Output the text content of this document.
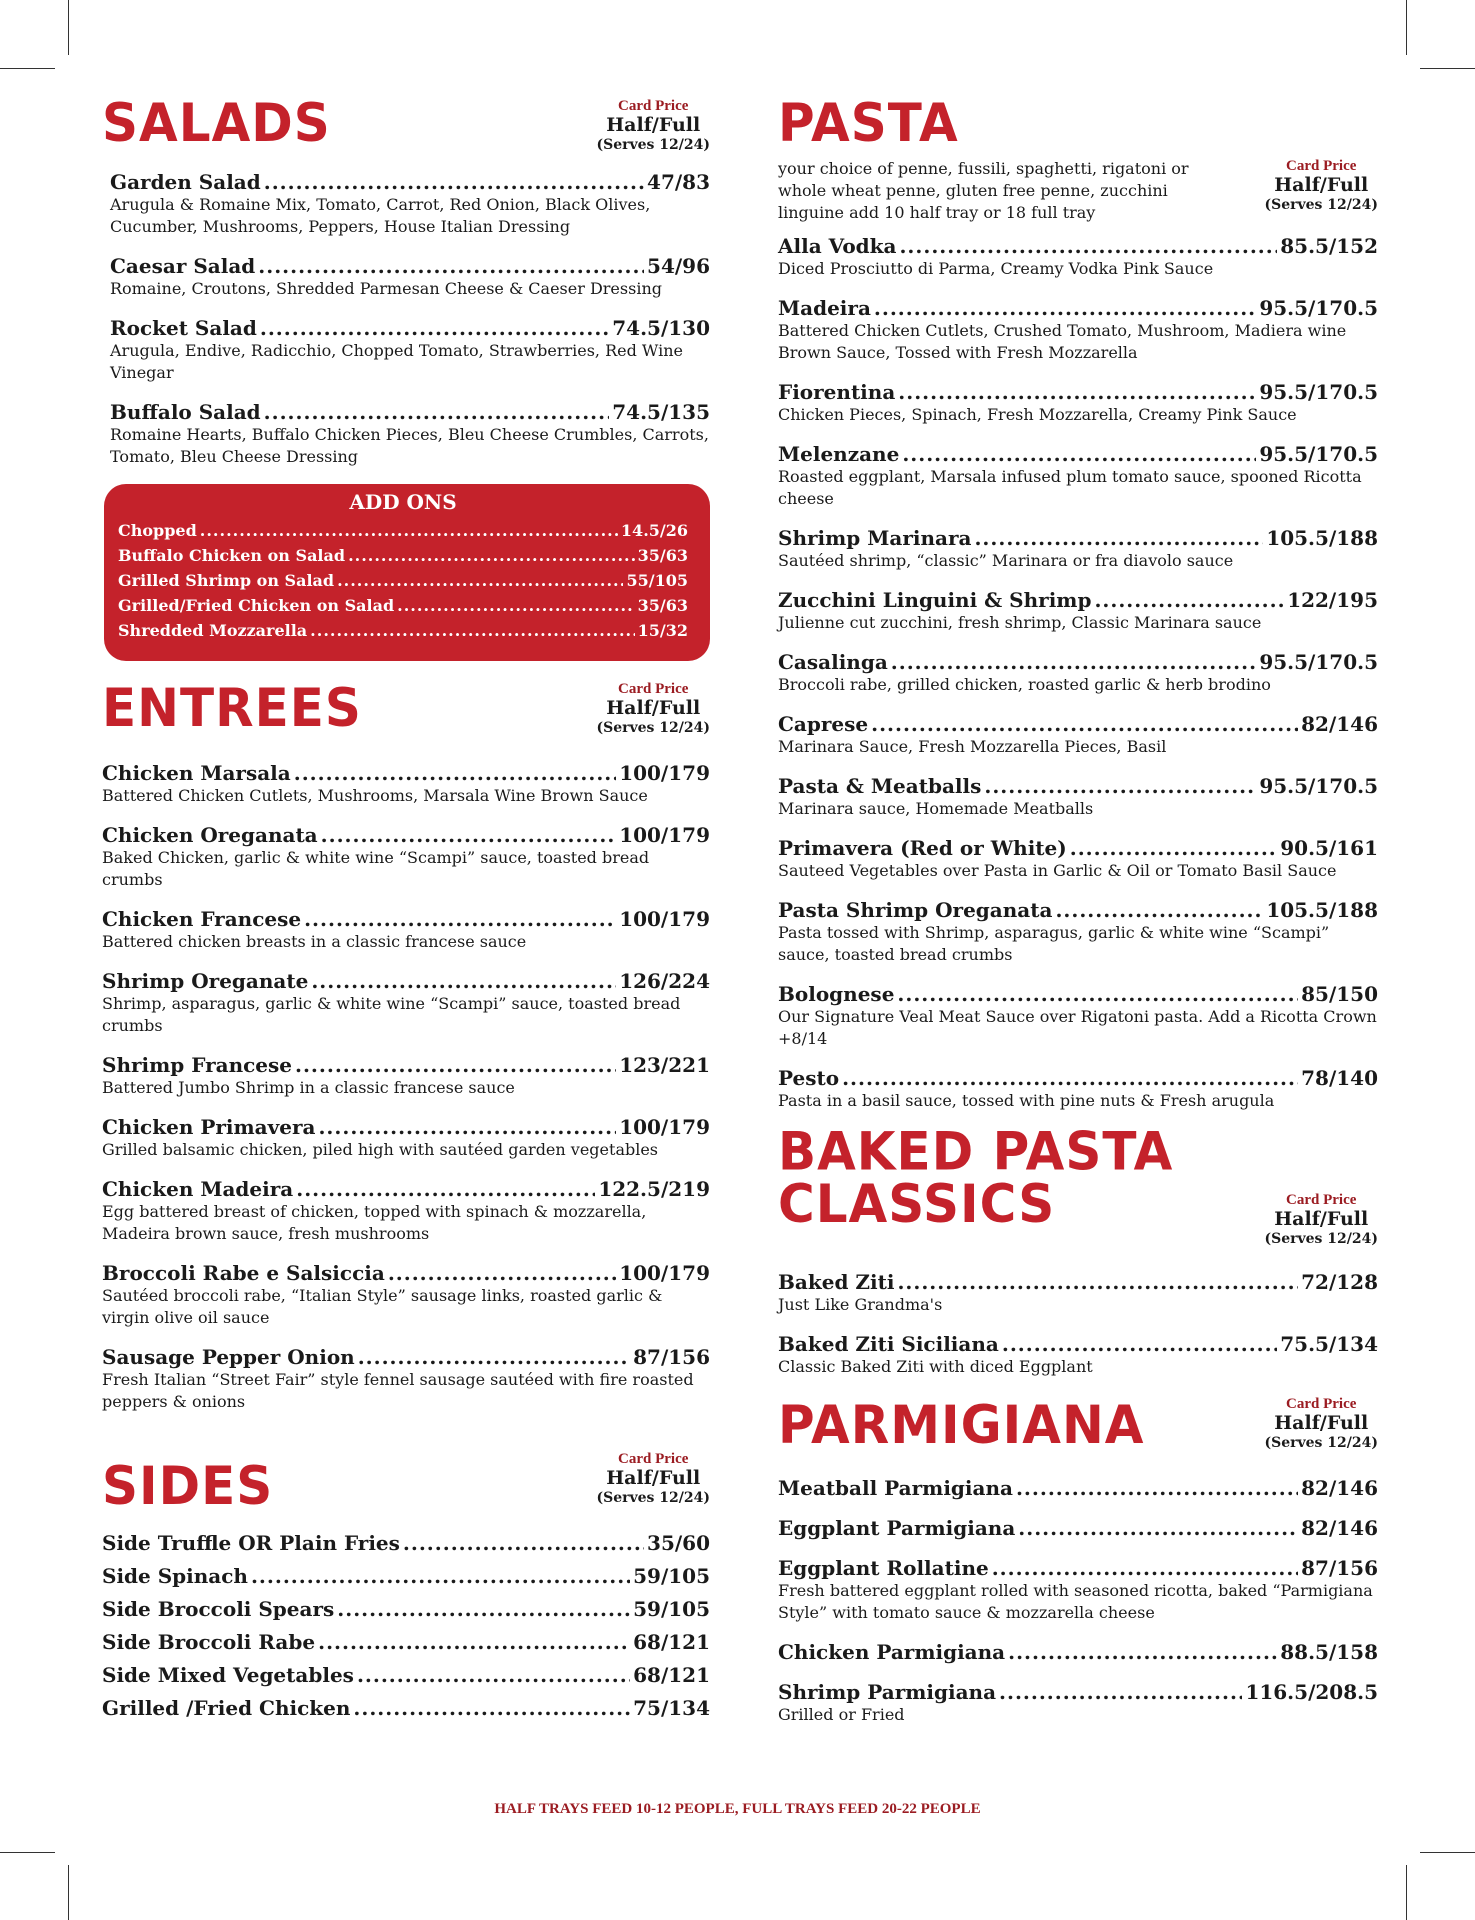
SALADS	Card Price
Half/Full
(Serves 12/24)
Garden Salad .....	47/83
Arugula & Romaine Mix, Tomato, Carrot, Red Onion, Black Olives, Cucumber, Mushrooms, Peppers, House Italian Dressing
Caesar Salad .....	54/96
Romaine, Croutons, Shredded Parmesan Cheese & Caeser Dressing
Rocket Salad .....	74.5/130
Arugula, Endive, Radicchio, Chopped Tomato, Strawberries, Red Wine Vinegar
Buffalo Salad .....	74.5/135
Romaine Hearts, Buffalo Chicken Pieces, Bleu Cheese Crumbles, Carrots, Tomato, Bleu Cheese Dressing
ADD ONS
Chopped .....	14.5/26
Buffalo Chicken on Salad .....	35/63
Grilled Shrimp on Salad .....	55/105
Grilled/Fried Chicken on Salad .....	35/63
Shredded Mozzarella .....	15/32
ENTREES	Card Price
Half/Full
(Serves 12/24)
Chicken Marsala .....	100/179
Battered Chicken Cutlets, Mushrooms, Marsala Wine Brown Sauce
Chicken Oreganata .....	100/179
Baked Chicken, garlic & white wine “Scampi” sauce, toasted bread crumbs
Chicken Francese .....	100/179
Battered chicken breasts in a classic francese sauce
Shrimp Oreganate .....	126/224
Shrimp, asparagus, garlic & white wine “Scampi” sauce, toasted bread crumbs
Shrimp Francese .....	123/221
Battered Jumbo Shrimp in a classic francese sauce
Chicken Primavera .....	100/179
Grilled balsamic chicken, piled high with sautéed garden vegetables
Chicken Madeira .....	122.5/219
Egg battered breast of chicken, topped with spinach & mozzarella, Madeira brown sauce, fresh mushrooms
Broccoli Rabe e Salsiccia .....	100/179
Sautéed broccoli rabe, “Italian Style” sausage links, roasted garlic & virgin olive oil sauce
Sausage Pepper Onion .....	87/156
Fresh Italian “Street Fair” style fennel sausage sautéed with fire roasted peppers & onions
SIDES	Card Price
Half/Full
(Serves 12/24)
Side Truffle OR Plain Fries .....	35/60
Side Spinach .....	59/105
Side Broccoli Spears .....	59/105
Side Broccoli Rabe .....	68/121
Side Mixed Vegetables .....	68/121
Grilled /Fried Chicken .....	75/134
PASTA
your choice of penne, fussili, spaghetti, rigatoni or whole wheat penne, gluten free penne, zucchini linguine add 10 half tray or 18 full tray
Card Price
Half/Full
(Serves 12/24)
Alla Vodka .....	85.5/152
Diced Prosciutto di Parma, Creamy Vodka Pink Sauce
Madeira .....	95.5/170.5
Battered Chicken Cutlets, Crushed Tomato, Mushroom, Madiera wine Brown Sauce, Tossed with Fresh Mozzarella
Fiorentina .....	95.5/170.5
Chicken Pieces, Spinach, Fresh Mozzarella, Creamy Pink Sauce
Melenzane .....	95.5/170.5
Roasted eggplant, Marsala infused plum tomato sauce, spooned Ricotta cheese
Shrimp Marinara .....	105.5/188
Sautéed shrimp, “classic” Marinara or fra diavolo sauce
Zucchini Linguini & Shrimp .....	122/195
Julienne cut zucchini, fresh shrimp, Classic Marinara sauce
Casalinga .....	95.5/170.5
Broccoli rabe, grilled chicken, roasted garlic & herb brodino
Caprese .....	82/146
Marinara Sauce, Fresh Mozzarella Pieces, Basil
Pasta & Meatballs .....	95.5/170.5
Marinara sauce, Homemade Meatballs
Primavera (Red or White) .....	90.5/161
Sauteed Vegetables over Pasta in Garlic & Oil or Tomato Basil Sauce
Pasta Shrimp Oreganata .....	105.5/188
Pasta tossed with Shrimp, asparagus, garlic & white wine “Scampi” sauce, toasted bread crumbs
Bolognese .....	85/150
Our Signature Veal Meat Sauce over Rigatoni pasta. Add a Ricotta Crown +8/14
Pesto .....	78/140
Pasta in a basil sauce, tossed with pine nuts & Fresh arugula
BAKED PASTA CLASSICS	Card Price
Half/Full
(Serves 12/24)
Baked Ziti .....	72/128
Just Like Grandma's
Baked Ziti Siciliana .....	75.5/134
Classic Baked Ziti with diced Eggplant
PARMIGIANA	Card Price
Half/Full
(Serves 12/24)
Meatball Parmigiana .....	82/146
Eggplant Parmigiana .....	82/146
Eggplant Rollatine .....	87/156
Fresh battered eggplant rolled with seasoned ricotta, baked “Parmigiana Style” with tomato sauce & mozzarella cheese
Chicken Parmigiana .....	88.5/158
Shrimp Parmigiana .....	116.5/208.5
Grilled or Fried
HALF TRAYS FEED 10-12 PEOPLE, FULL TRAYS FEED 20-22 PEOPLE
